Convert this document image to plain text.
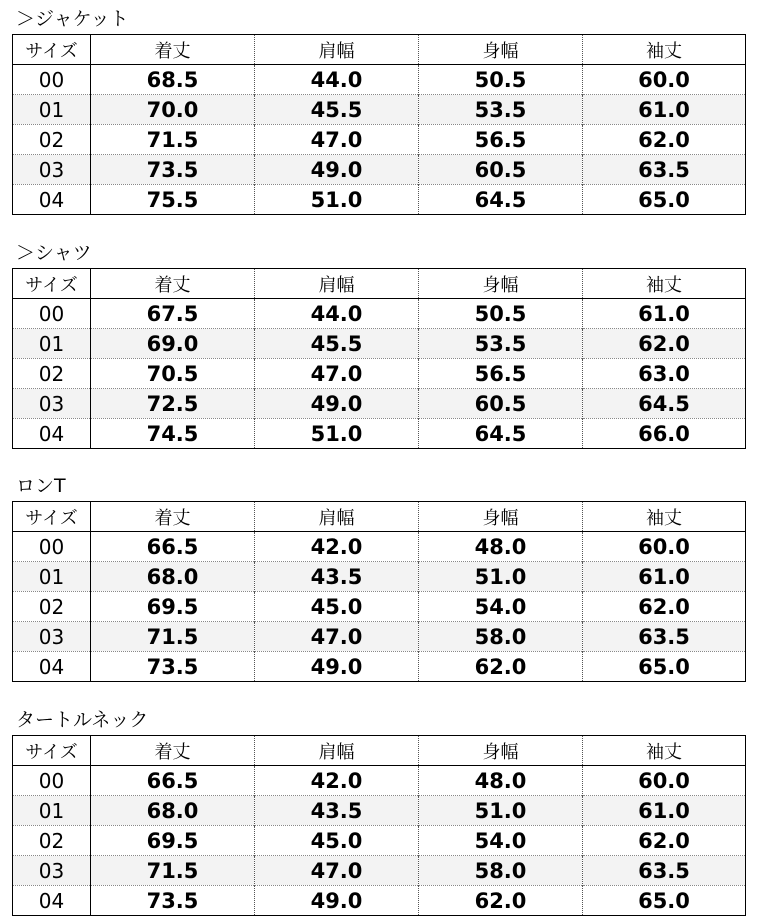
＞ジャケット
サイズ	着丈	肩幅	身幅	袖丈
00	68.5	44.0	50.5	60.0
01	70.0	45.5	53.5	61.0
02	71.5	47.0	56.5	62.0
03	73.5	49.0	60.5	63.5
04	75.5	51.0	64.5	65.0
＞シャツ
サイズ	着丈	肩幅	身幅	袖丈
00	67.5	44.0	50.5	61.0
01	69.0	45.5	53.5	62.0
02	70.5	47.0	56.5	63.0
03	72.5	49.0	60.5	64.5
04	74.5	51.0	64.5	66.0
ロンT
サイズ	着丈	肩幅	身幅	袖丈
00	66.5	42.0	48.0	60.0
01	68.0	43.5	51.0	61.0
02	69.5	45.0	54.0	62.0
03	71.5	47.0	58.0	63.5
04	73.5	49.0	62.0	65.0
タートルネック
サイズ	着丈	肩幅	身幅	袖丈
00	66.5	42.0	48.0	60.0
01	68.0	43.5	51.0	61.0
02	69.5	45.0	54.0	62.0
03	71.5	47.0	58.0	63.5
04	73.5	49.0	62.0	65.0
